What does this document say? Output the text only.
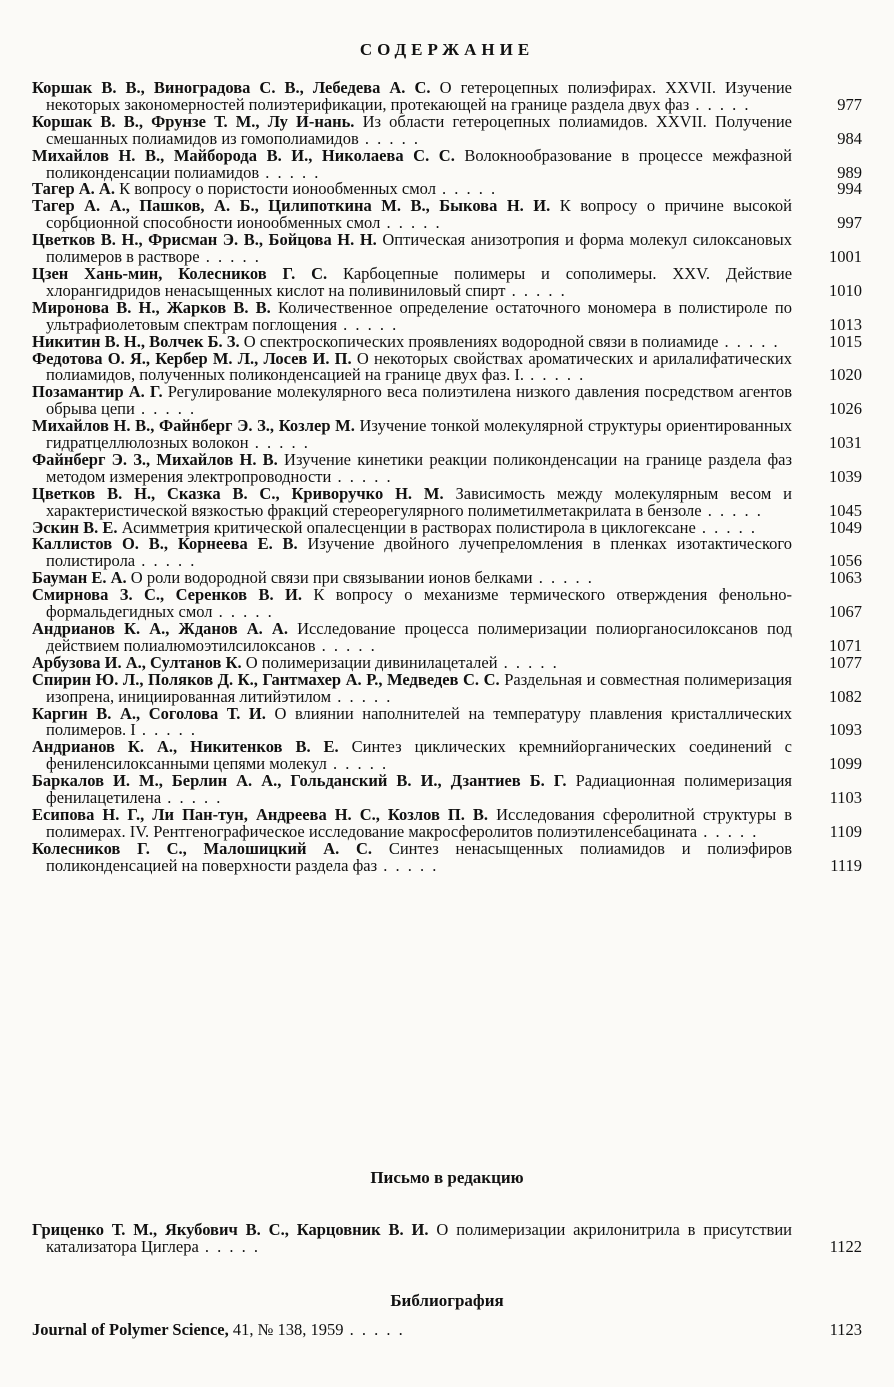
СОДЕРЖАНИЕ
Коршак В. В., Виноградова С. В., Лебедева А. С. О гетероцепных полиэфирах. XXVII. Изучение некоторых закономерностей полиэтерификации, протекающей на границе раздела двух фаз . . . . .	977
Коршак В. В., Фрунзе Т. М., Лу И-нань. Из области гетероцепных полиамидов. XXVII. Получение смешанных полиамидов из гомополиамидов . . . . .	984
Михайлов Н. В., Майборода В. И., Николаева С. С. Волокнообразование в процессе межфазной поликонденсации полиамидов . . . . .	989
Тагер А. А. К вопросу о пористости ионообменных смол . . . . .	994
Тагер А. А., Пашков, А. Б., Цилипоткина М. В., Быкова Н. И. К вопросу о причине высокой сорбционной способности ионообменных смол . . . . .	997
Цветков В. Н., Фрисман Э. В., Бойцова Н. Н. Оптическая анизотропия и форма молекул силоксановых полимеров в растворе . . . . .	1001
Цзен Хань-мин, Колесников Г. С. Карбоцепные полимеры и сополимеры. XXV. Действие хлорангидридов ненасыщенных кислот на поливиниловый спирт . . . . .	1010
Миронова В. Н., Жарков В. В. Количественное определение остаточного мономера в полистироле по ультрафиолетовым спектрам поглощения . . . . .	1013
Никитин В. Н., Волчек Б. З. О спектроскопических проявлениях водородной связи в полиамиде . . . . .	1015
Федотова О. Я., Кербер М. Л., Лосев И. П. О некоторых свойствах ароматических и арилалифатических полиамидов, полученных поликонденсацией на границе двух фаз. I. . . . . .	1020
Позамантир А. Г. Регулирование молекулярного веса полиэтилена низкого давления посредством агентов обрыва цепи . . . . .	1026
Михайлов Н. В., Файнберг Э. З., Козлер М. Изучение тонкой молекулярной структуры ориентированных гидратцеллюлозных волокон . . . . .	1031
Файнберг Э. З., Михайлов Н. В. Изучение кинетики реакции поликонденсации на границе раздела фаз методом измерения электропроводности . . . . .	1039
Цветков В. Н., Сказка В. С., Криворучко Н. М. Зависимость между молекулярным весом и характеристической вязкостью фракций стереорегулярного полиметилметакрилата в бензоле . . . . .	1045
Эскин В. Е. Асимметрия критической опалесценции в растворах полистирола в циклогексане . . . . .	1049
Каллистов О. В., Корнеева Е. В. Изучение двойного лучепреломления в пленках изотактического полистирола . . . . .	1056
Бауман Е. А. О роли водородной связи при связывании ионов белками . . . . .	1063
Смирнова З. С., Серенков В. И. К вопросу о механизме термического отверждения фенольно-формальдегидных смол . . . . .	1067
Андрианов К. А., Жданов А. А. Исследование процесса полимеризации полиорганосилоксанов под действием полиалюмоэтилсилоксанов . . . . .	1071
Арбузова И. А., Султанов К. О полимеризации дивинилацеталей . . . . .	1077
Спирин Ю. Л., Поляков Д. К., Гантмахер А. Р., Медведев С. С. Раздельная и совместная полимеризация изопрена, инициированная литийэтилом . . . . .	1082
Каргин В. А., Соголова Т. И. О влиянии наполнителей на температуру плавления кристаллических полимеров. I . . . . .	1093
Андрианов К. А., Никитенков В. Е. Синтез циклических кремнийорганических соединений с фениленсилоксанными цепями молекул . . . . .	1099
Баркалов И. М., Берлин А. А., Гольданский В. И., Дзантиев Б. Г. Радиационная полимеризация фенилацетилена . . . . .	1103
Есипова Н. Г., Ли Пан-тун, Андреева Н. С., Козлов П. В. Исследования сферолитной структуры в полимерах. IV. Рентгенографическое исследование макросферолитов полиэтиленсебацината . . . . .	1109
Колесников Г. С., Малошицкий А. С. Синтез ненасыщенных полиамидов и полиэфиров поликонденсацией на поверхности раздела фаз . . . . .	1119
Письмо в редакцию
Гриценко Т. М., Якубович В. С., Карцовник В. И. О полимеризации акрилонитрила в присутствии катализатора Циглера . . . . .	1122
Библиография
Journal of Polymer Science, 41, № 138, 1959 . . . . .	1123
